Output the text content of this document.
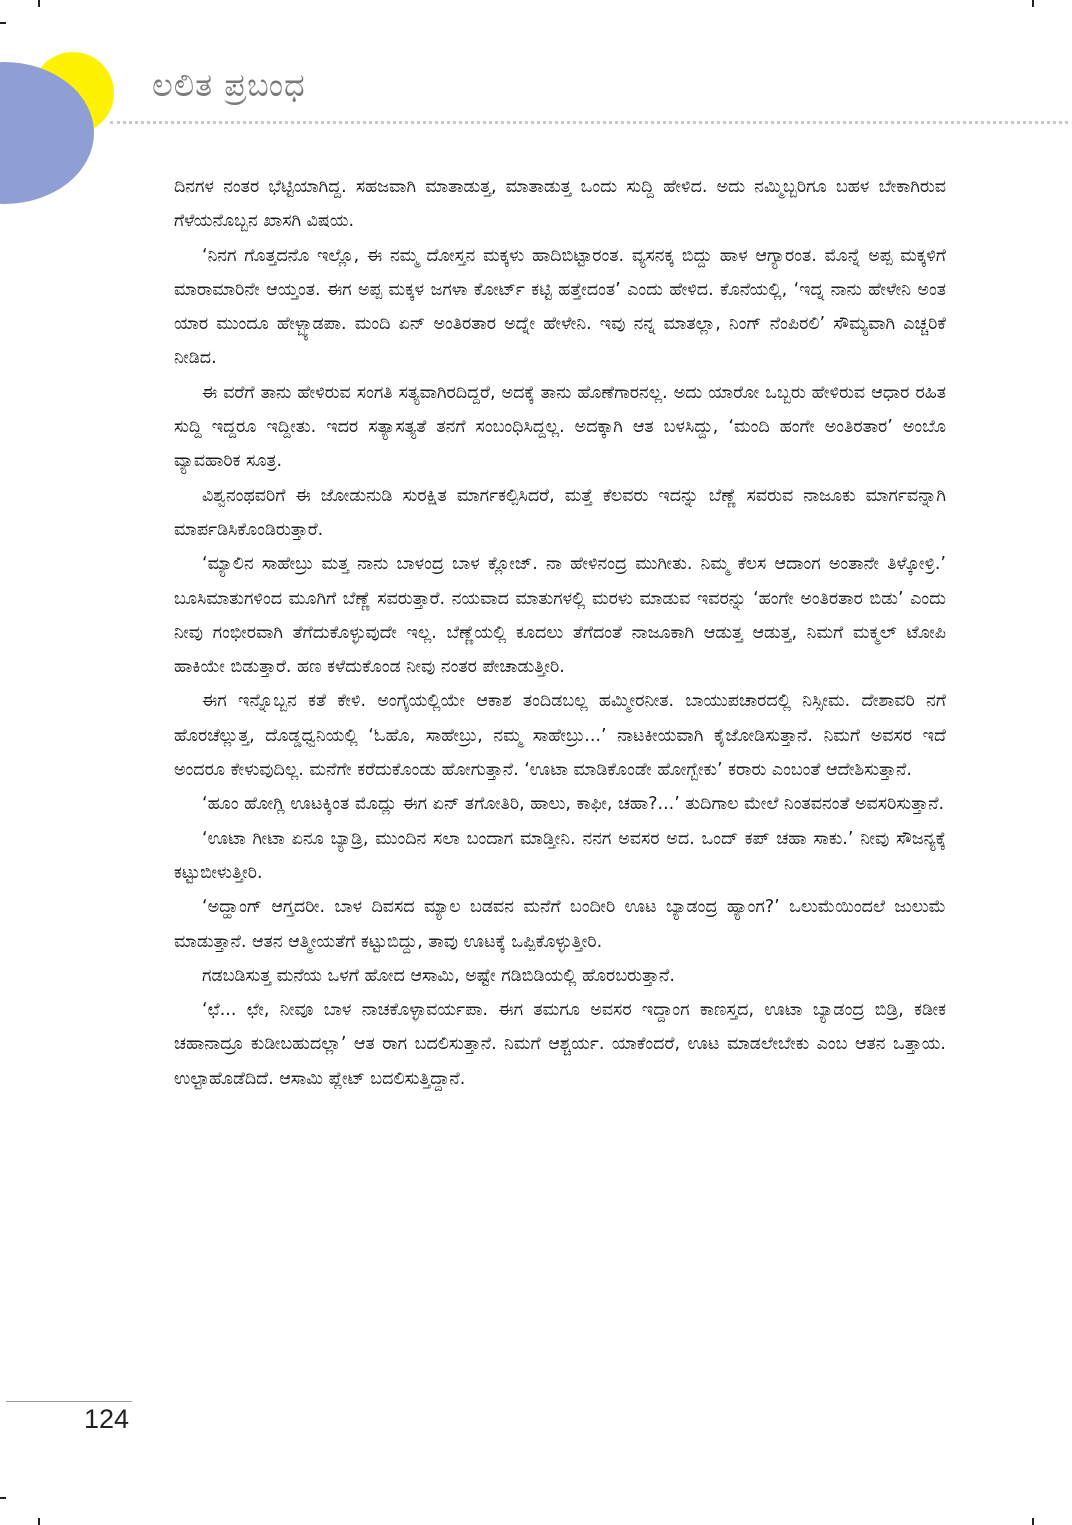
ಲಲಿತ ಪ್ರಬಂಧ

ದಿನಗಳ ನಂತರ ಭೆಟ್ಟಿಯಾಗಿದ್ದ. ಸಹಜವಾಗಿ ಮಾತಾಡುತ್ತ, ಮಾತಾಡುತ್ತ ಒಂದು ಸುದ್ದಿ ಹೇಳಿದ. ಅದು ನಮ್ಮಿಬ್ಬರಿಗೂ ಬಹಳ ಬೇಕಾಗಿರುವ ಗೆಳೆಯನೊಬ್ಬನ ಖಾಸಗಿ ವಿಷಯ.

‘ನಿನಗ ಗೊತ್ತದನೊ ಇಲ್ಲೊ, ಈ ನಮ್ಮ ದೋಸ್ತನ ಮಕ್ಕಳು ಹಾದಿಬಿಟ್ಟಾರಂತ. ವ್ಯಸನಕ್ಕ ಬಿದ್ದು ಹಾಳ ಆಗ್ಯಾರಂತ. ಮೊನ್ನೆ ಅಪ್ಪ ಮಕ್ಕಳಿಗೆ ಮಾರಾಮಾರಿನೇ ಆಯ್ತಂತ. ಈಗ ಅಪ್ಪ ಮಕ್ಕಳ ಜಗಳಾ ಕೋರ್ಟ್ ಕಟ್ಟಿ ಹತ್ತೇದಂತ’ ಎಂದು ಹೇಳಿದ. ಕೊನೆಯಲ್ಲಿ, ‘ಇದ್ನ ನಾನು ಹೇಳೇನಿ ಅಂತ ಯಾರ ಮುಂದೂ ಹೇಳ್ಬ್ಯಾಡಪಾ. ಮಂದಿ ಏನ್ ಅಂತಿರತಾರ ಅದ್ನೇ ಹೇಳೇನಿ. ಇವು ನನ್ನ ಮಾತಲ್ಲಾ, ನಿಂಗ್ ನೆಂಪಿರಲಿ’ ಸೌಮ್ಯವಾಗಿ ಎಚ್ಚರಿಕೆ ನೀಡಿದ.

ಈ ವರೆಗೆ ತಾನು ಹೇಳಿರುವ ಸಂಗತಿ ಸತ್ಯವಾಗಿರದಿದ್ದರೆ, ಅದಕ್ಕೆ ತಾನು ಹೊಣೆಗಾರನಲ್ಲ. ಅದು ಯಾರೋ ಒಬ್ಬರು ಹೇಳಿರುವ ಆಧಾರ ರಹಿತ ಸುದ್ದಿ ಇದ್ದರೂ ಇದ್ದೀತು. ಇದರ ಸತ್ಯಾಸತ್ಯತೆ ತನಗೆ ಸಂಬಂಧಿಸಿದ್ದಲ್ಲ. ಅದಕ್ಕಾಗಿ ಆತ ಬಳಸಿದ್ದು, ‘ಮಂದಿ ಹಂಗೇ ಅಂತಿರತಾರ’ ಅಂಬೊ ವ್ಯಾವಹಾರಿಕ ಸೂತ್ರ.

ವಿಶ್ವನಂಥವರಿಗೆ ಈ ಜೋಡುನುಡಿ ಸುರಕ್ಷಿತ ಮಾರ್ಗಕಲ್ಪಿಸಿದರೆ, ಮತ್ತೆ ಕೆಲವರು ಇದನ್ನು ಬೆಣ್ಣೆ ಸವರುವ ನಾಜೂಕು ಮಾರ್ಗವನ್ನಾಗಿ ಮಾರ್ಪಡಿಸಿಕೊಂಡಿರುತ್ತಾರೆ.

‘ಮ್ಯಾಲಿನ ಸಾಹೇಬ್ರು ಮತ್ತ ನಾನು ಬಾಳಂದ್ರ ಬಾಳ ಕ್ಲೋಜ್. ನಾ ಹೇಳಿನಂದ್ರ ಮುಗೀತು. ನಿಮ್ಮ ಕೆಲಸ ಆದಾಂಗ ಅಂತಾನೇ ತಿಳ್ಕೋಳ್ರಿ.’ ಬೂಸಿಮಾತುಗಳಿಂದ ಮೂಗಿಗೆ ಬೆಣ್ಣೆ ಸವರುತ್ತಾರೆ. ನಯವಾದ ಮಾತುಗಳಲ್ಲಿ ಮರಳು ಮಾಡುವ ಇವರನ್ನು ‘ಹಂಗೇ ಅಂತಿರತಾರ ಬಿಡು’ ಎಂದು ನೀವು ಗಂಭೀರವಾಗಿ ತೆಗೆದುಕೊಳ್ಳುವುದೇ ಇಲ್ಲ. ಬೆಣ್ಣೆಯಲ್ಲಿ ಕೂದಲು ತೆಗೆದಂತೆ ನಾಜೂಕಾಗಿ ಆಡುತ್ತ ಆಡುತ್ತ, ನಿಮಗೆ ಮಕ್ಮಲ್ ಟೋಪಿ ಹಾಕಿಯೇ ಬಿಡುತ್ತಾರೆ. ಹಣ ಕಳೆದುಕೊಂಡ ನೀವು ನಂತರ ಪೇಚಾಡುತ್ತೀರಿ.

ಈಗ ಇನ್ನೊಬ್ಬನ ಕತೆ ಕೇಳಿ. ಅಂಗೈಯಲ್ಲಿಯೇ ಆಕಾಶ ತಂದಿಡಬಲ್ಲ ಹಮ್ಮೀರನೀತ. ಬಾಯುಪಚಾರದಲ್ಲಿ ನಿಸ್ಸೀಮ. ದೇಶಾವರಿ ನಗೆ ಹೊರಚೆಲ್ಲುತ್ತ, ದೊಡ್ಡಧ್ವನಿಯಲ್ಲಿ ‘ಓಹೊ, ಸಾಹೇಬ್ರು, ನಮ್ಮ ಸಾಹೇಬ್ರು...’ ನಾಟಕೀಯವಾಗಿ ಕೈಜೋಡಿಸುತ್ತಾನೆ. ನಿಮಗೆ ಅವಸರ ಇದೆ ಅಂದರೂ ಕೇಳುವುದಿಲ್ಲ. ಮನೆಗೇ ಕರೆದುಕೊಂಡು ಹೋಗುತ್ತಾನೆ. ‘ಊಟಾ ಮಾಡಿಕೊಂಡೇ ಹೋಗ್ಬೇಕು’ ಕರಾರು ಎಂಬಂತೆ ಆದೇಶಿಸುತ್ತಾನೆ.

‘ಹೂಂ ಹೋಗ್ಲಿ ಊಟಕ್ಕಿಂತ ಮೊದ್ಲು ಈಗ ಏನ್ ತಗೋತಿರಿ, ಹಾಲು, ಕಾಫೀ, ಚಹಾ?...’ ತುದಿಗಾಲ ಮೇಲೆ ನಿಂತವನಂತೆ ಅವಸರಿಸುತ್ತಾನೆ.

‘ಊಟಾ ಗೀಟಾ ಏನೂ ಬ್ಯಾಡ್ರಿ, ಮುಂದಿನ ಸಲಾ ಬಂದಾಗ ಮಾಡ್ತೀನಿ. ನನಗ ಅವಸರ ಅದ. ಒಂದ್ ಕಪ್ ಚಹಾ ಸಾಕು.’ ನೀವು ಸೌಜನ್ಯಕ್ಕೆ ಕಟ್ಟುಬೀಳುತ್ತೀರಿ.

‘ಅದ್ಹಾಂಗ್ ಆಗ್ತದರೀ. ಬಾಳ ದಿವಸದ ಮ್ಯಾಲ ಬಡವನ ಮನೆಗೆ ಬಂದೀರಿ ಊಟ ಬ್ಯಾಡಂದ್ರ ಹ್ಯಾಂಗ?’ ಒಲುಮೆಯಿಂದಲೆ ಜುಲುಮೆ ಮಾಡುತ್ತಾನೆ. ಆತನ ಆತ್ಮೀಯತೆಗೆ ಕಟ್ಟುಬಿದ್ದು, ತಾವು ಊಟಕ್ಕೆ ಒಪ್ಪಿಕೊಳ್ಳುತ್ತೀರಿ.

ಗಡಬಡಿಸುತ್ತ ಮನೆಯ ಒಳಗೆ ಹೋದ ಆಸಾಮಿ, ಅಷ್ಟೇ ಗಡಿಬಿಡಿಯಲ್ಲಿ ಹೊರಬರುತ್ತಾನೆ.

‘ಛೆ... ಛೇ, ನೀವೂ ಬಾಳ ನಾಚಕೊಳ್ಳಾವರ್ಯಪಾ. ಈಗ ತಮಗೂ ಅವಸರ ಇದ್ದಾಂಗ ಕಾಣಸ್ತದ, ಊಟಾ ಬ್ಯಾಡಂದ್ರ ಬಿಡ್ರಿ, ಕಡೀಕ ಚಹಾನಾದ್ರೂ ಕುಡೀಬಹುದಲ್ಲಾ’ ಆತ ರಾಗ ಬದಲಿಸುತ್ತಾನೆ. ನಿಮಗೆ ಆಶ್ಚರ್ಯ. ಯಾಕೆಂದರೆ, ಊಟ ಮಾಡಲೇಬೇಕು ಎಂಬ ಆತನ ಒತ್ತಾಯ. ಉಲ್ಟಾಹೊಡೆದಿದೆ. ಆಸಾಮಿ ಪ್ಲೇಟ್ ಬದಲಿಸುತ್ತಿದ್ದಾನೆ.

124
